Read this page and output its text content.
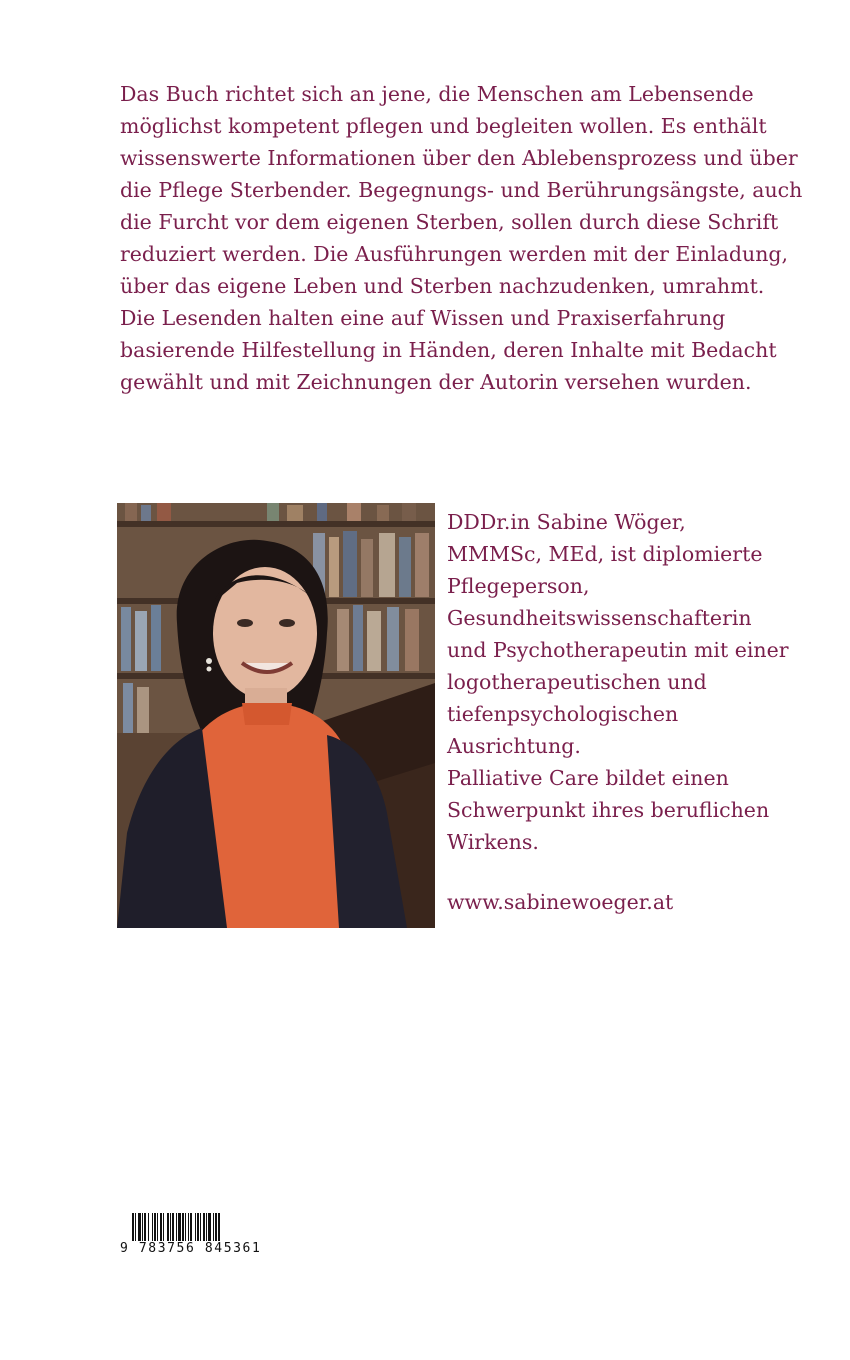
Das Buch richtet sich an jene, die Menschen am Lebensende
möglichst kompetent pflegen und begleiten wollen. Es enthält
wissenswerte Informationen über den Ablebensprozess und über
die Pflege Sterbender. Begegnungs- und Berührungsängste, auch
die Furcht vor dem eigenen Sterben, sollen durch diese Schrift
reduziert werden. Die Ausführungen werden mit der Einladung,
über das eigene Leben und Sterben nachzudenken, umrahmt.
Die Lesenden halten eine auf Wissen und Praxiserfahrung
basierende Hilfestellung in Händen, deren Inhalte mit Bedacht
gewählt und mit Zeichnungen der Autorin versehen wurden.
DDDr.in Sabine Wöger,
MMMSc, MEd, ist diplomierte
Pflegeperson,
Gesundheitswissenschafterin
und Psychotherapeutin mit einer
logotherapeutischen und
tiefenpsychologischen
Ausrichtung.
Palliative Care bildet einen
Schwerpunkt ihres beruflichen
Wirkens.
www.sabinewoeger.at
9 783756 845361
